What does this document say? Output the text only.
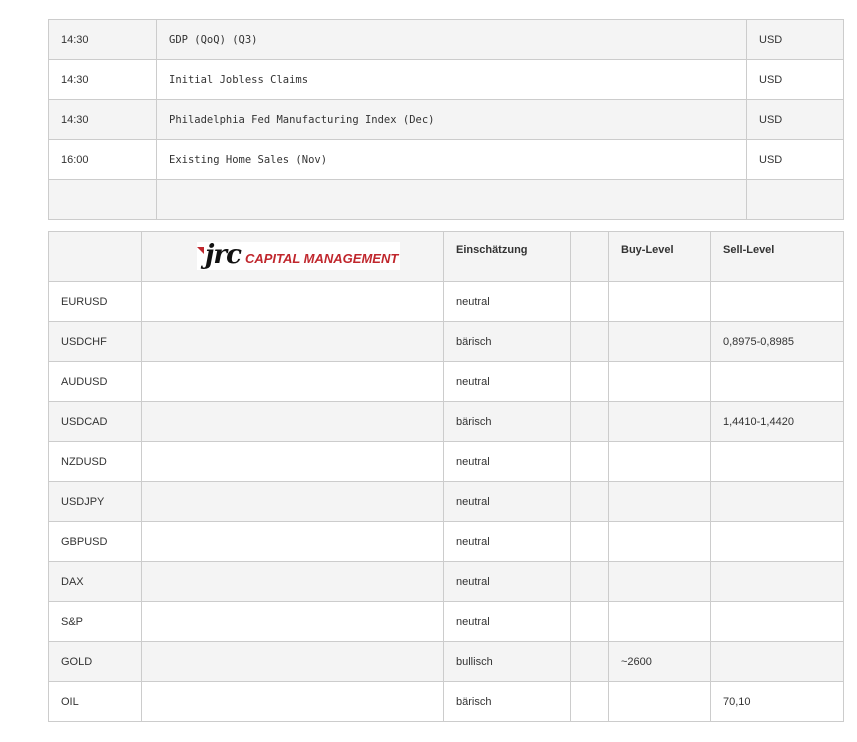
14:30	GDP (QoQ) (Q3)	USD
14:30	Initial Jobless Claims	USD
14:30	Philadelphia Fed Manufacturing Index (Dec)	USD
16:00	Existing Home Sales (Nov)	USD

	jrc CAPITAL MANAGEMENT	Einschätzung		Buy-Level	Sell-Level
EURUSD		neutral			
USDCHF		bärisch			0,8975-0,8985
AUDUSD		neutral			
USDCAD		bärisch			1,4410-1,4420
NZDUSD		neutral			
USDJPY		neutral			
GBPUSD		neutral			
DAX		neutral			
S&P		neutral			
GOLD		bullisch		~2600	
OIL		bärisch			70,10
